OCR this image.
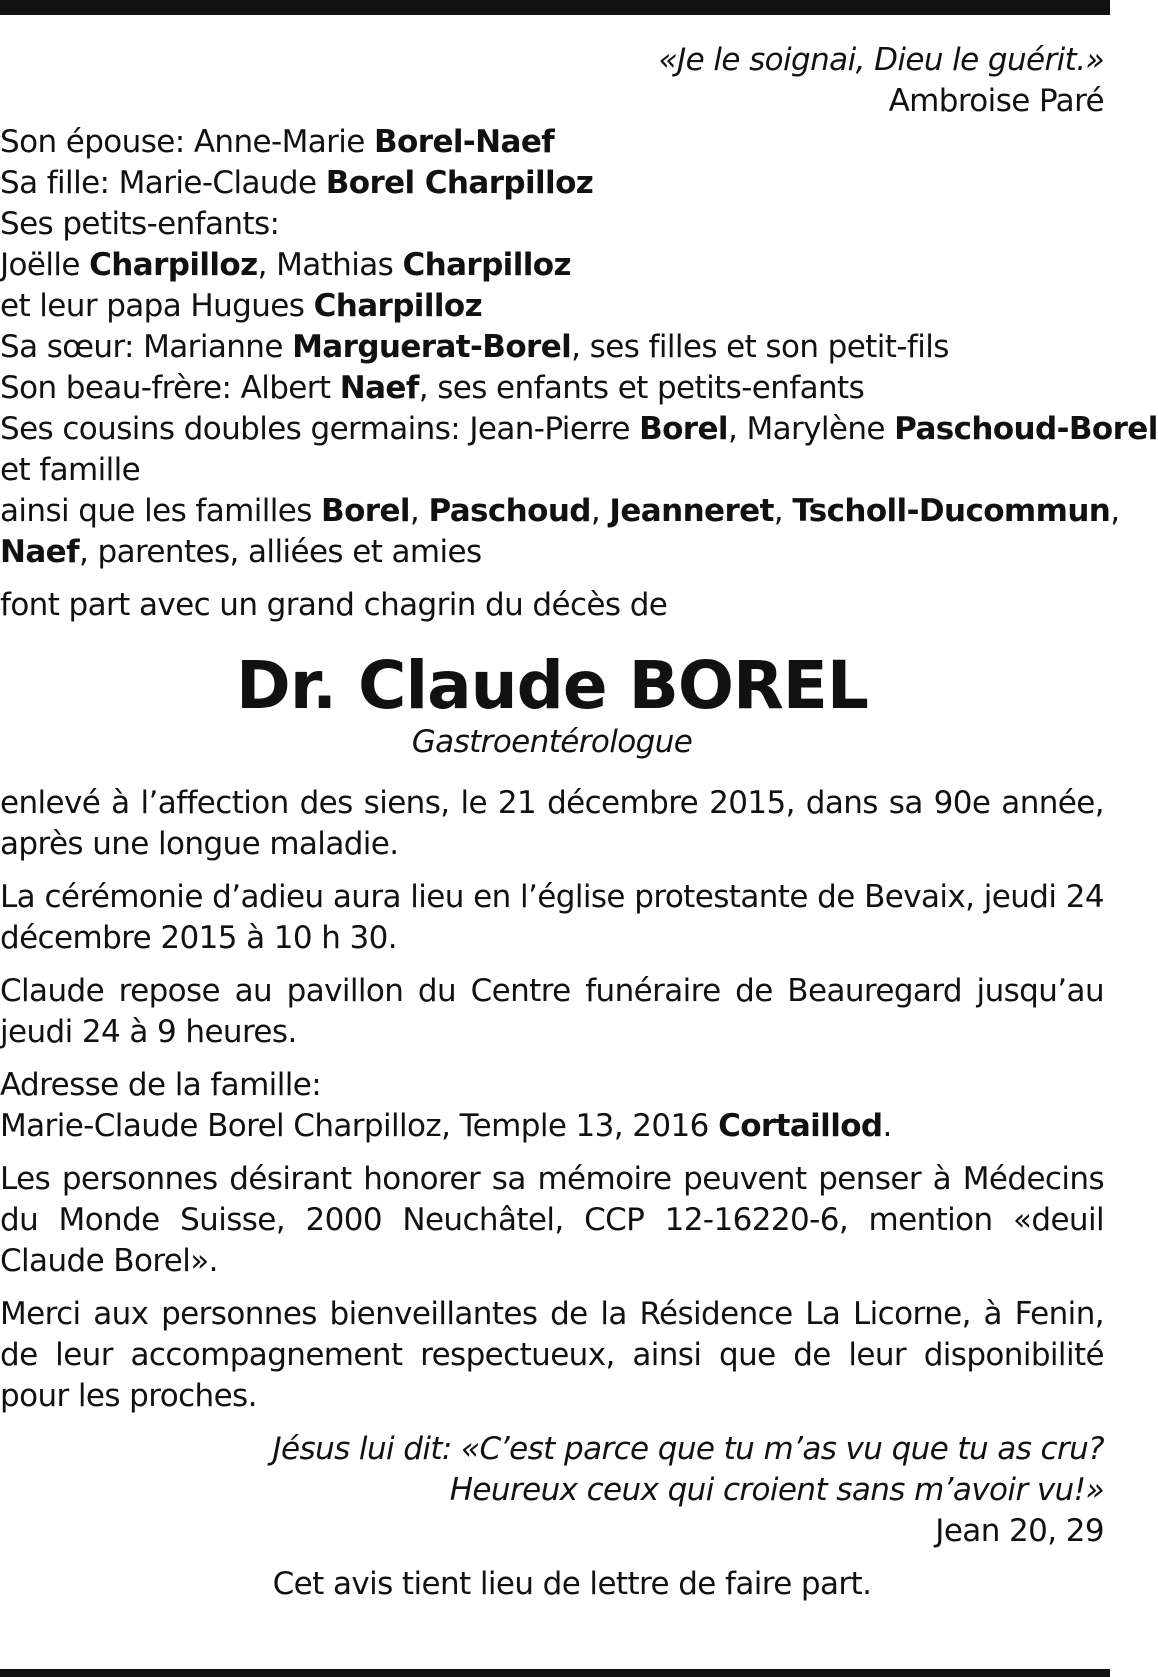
«Je le soignai, Dieu le guérit.»
Ambroise Paré
Son épouse: Anne-Marie Borel-Naef
Sa fille: Marie-Claude Borel Charpilloz
Ses petits-enfants:
Joëlle Charpilloz, Mathias Charpilloz
et leur papa Hugues Charpilloz
Sa sœur: Marianne Marguerat-Borel, ses filles et son petit-fils
Son beau-frère: Albert Naef, ses enfants et petits-enfants
Ses cousins doubles germains: Jean-Pierre Borel, Marylène Paschoud-Borel
et famille
ainsi que les familles Borel, Paschoud, Jeanneret, Tscholl-Ducommun,
Naef, parentes, alliées et amies

font part avec un grand chagrin du décès de

Dr. Claude BOREL
Gastroentérologue

enlevé à l’affection des siens, le 21 décembre 2015, dans sa 90e année, après une longue maladie.

La cérémonie d’adieu aura lieu en l’église protestante de Bevaix, jeudi 24 décembre 2015 à 10 h 30.

Claude repose au pavillon du Centre funéraire de Beauregard jusqu’au jeudi 24 à 9 heures.

Adresse de la famille:
Marie-Claude Borel Charpilloz, Temple 13, 2016 Cortaillod.

Les personnes désirant honorer sa mémoire peuvent penser à Médecins du Monde Suisse, 2000 Neuchâtel, CCP 12-16220-6, mention «deuil Claude Borel».

Merci aux personnes bienveillantes de la Résidence La Licorne, à Fenin, de leur accompagnement respectueux, ainsi que de leur disponibilité pour les proches.

Jésus lui dit: «C’est parce que tu m’as vu que tu as cru?
Heureux ceux qui croient sans m’avoir vu!»
Jean 20, 29
Cet avis tient lieu de lettre de faire part.
